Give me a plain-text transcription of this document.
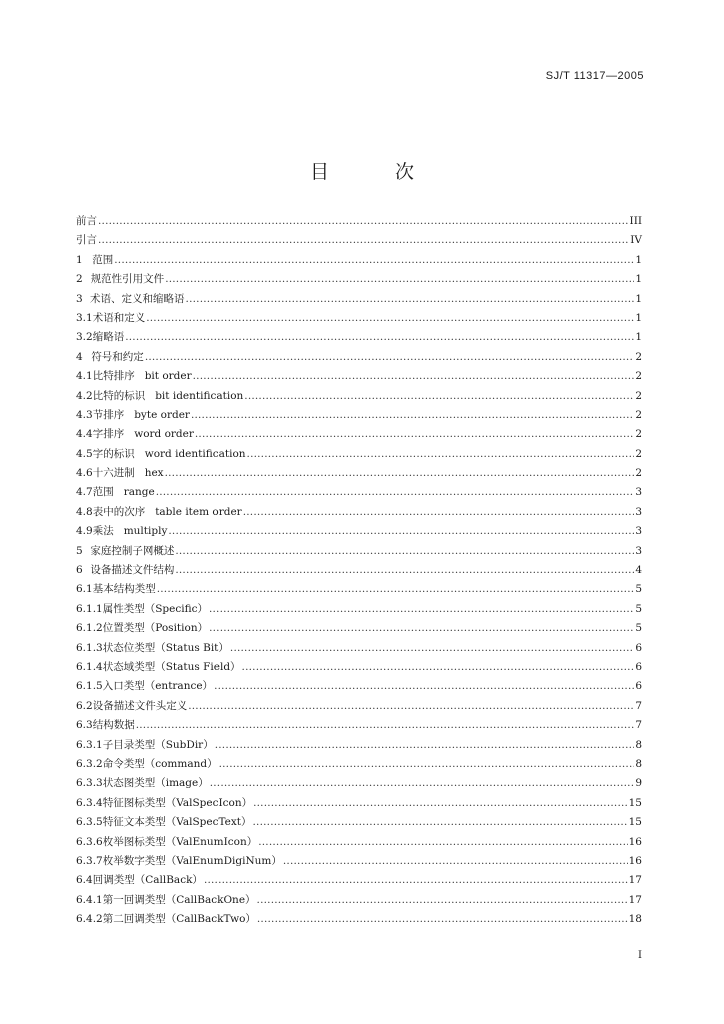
SJ/T 11317—2005
目	次
前言 .....	III
引言 .....	IV
1 范围 .....	1
2 规范性引用文件 .....	1
3 术语、定义和缩略语 .....	1
3.1 术语和定义 .....	1
3.2 缩略语 .....	1
4 符号和约定 .....	2
4.1 比特排序 bit order .....	2
4.2 比特的标识 bit identification .....	2
4.3 节排序 byte order .....	2
4.4 字排序 word order .....	2
4.5 字的标识 word identification .....	2
4.6 十六进制 hex .....	2
4.7 范围 range .....	3
4.8 表中的次序 table item order .....	3
4.9 乘法 multiply .....	3
5 家庭控制子网概述 .....	3
6 设备描述文件结构 .....	4
6.1 基本结构类型 .....	5
6.1.1 属性类型（Specific） .....	5
6.1.2 位置类型（Position） .....	5
6.1.3 状态位类型（Status Bit） .....	6
6.1.4 状态域类型（Status Field） .....	6
6.1.5 入口类型（entrance） .....	6
6.2 设备描述文件头定义 .....	7
6.3 结构数据 .....	7
6.3.1 子目录类型（SubDir） .....	8
6.3.2 命令类型（command） .....	8
6.3.3 状态图类型（image） .....	9
6.3.4 特征图标类型（ValSpecIcon） .....	15
6.3.5 特征文本类型（ValSpecText） .....	15
6.3.6 枚举图标类型（ValEnumIcon） .....	16
6.3.7 枚举数字类型（ValEnumDigiNum） .....	16
6.4 回调类型（CallBack） .....	17
6.4.1 第一回调类型（CallBackOne） .....	17
6.4.2 第二回调类型（CallBackTwo） .....	18
I
